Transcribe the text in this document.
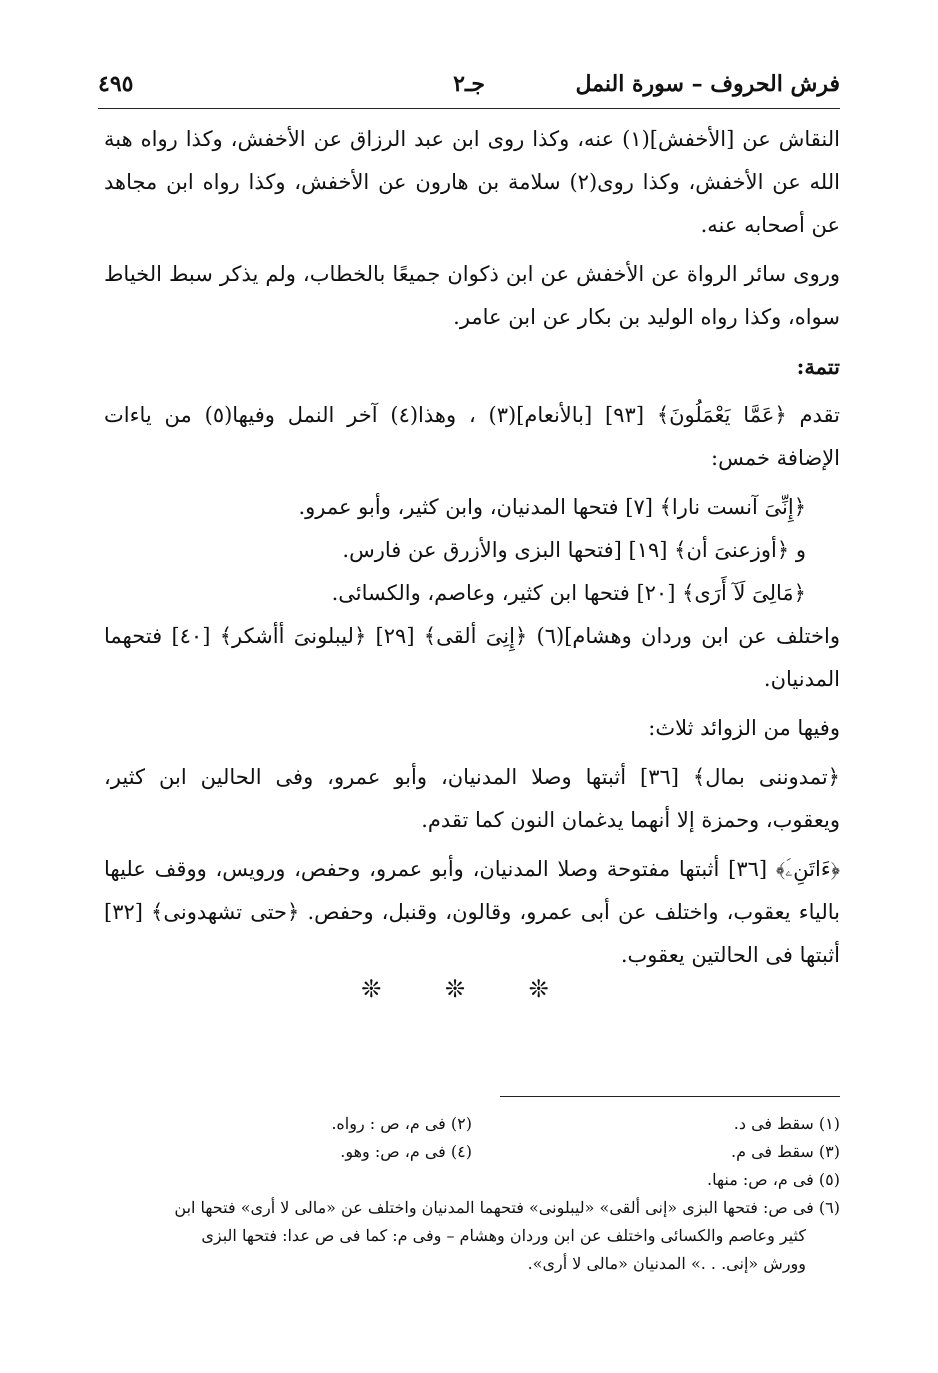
فرش الحروف – سورة النمل
جـ٢
٤٩٥

النقاش عن [الأخفش](١) عنه، وكذا روى ابن عبد الرزاق عن الأخفش، وكذا رواه هبة الله عن الأخفش، وكذا روى(٢) سلامة بن هارون عن الأخفش، وكذا رواه ابن مجاهد عن أصحابه عنه.

وروى سائر الرواة عن الأخفش عن ابن ذكوان جميعًا بالخطاب، ولم يذكر سبط الخياط سواه، وكذا رواه الوليد بن بكار عن ابن عامر.

تتمة:

تقدم ﴿عَمَّا يَعْمَلُونَ﴾ [٩٣] [بالأنعام](٣) ، وهذا(٤) آخر النمل وفيها(٥) من ياءات الإضافة خمس:

﴿إِنِّىَ آنست نارا﴾ [٧] فتحها المدنيان، وابن كثير، وأبو عمرو.

و ﴿أوزعنىَ أن﴾ [١٩] [فتحها البزى والأزرق عن فارس.

﴿مَالِىَ لَآ أَرَى﴾ [٢٠] فتحها ابن كثير، وعاصم، والكسائى.

واختلف عن ابن وردان وهشام](٦) ﴿إِنِىَ ألقى﴾ [٢٩] ﴿ليبلونىَ أأشكر﴾ [٤٠] فتحهما المدنيان.

وفيها من الزوائد ثلاث:

﴿تمدوننى بمال﴾ [٣٦] أثبتها وصلا المدنيان، وأبو عمرو، وفى الحالين ابن كثير، ويعقوب، وحمزة إلا أنهما يدغمان النون كما تقدم.

﴿ءَاتَنِۦَ﴾ [٣٦] أثبتها مفتوحة وصلا المدنيان، وأبو عمرو، وحفص، ورويس، ووقف عليها بالياء يعقوب، واختلف عن أبى عمرو، وقالون، وقنبل، وحفص. ﴿حتى تشهدونى﴾ [٣٢] أثبتها فى الحالتين يعقوب.

❊ ❊ ❊
(١) سقط فى د.
(٢) فى م، ص : رواه.
(٣) سقط فى م.
(٤) فى م، ص: وهو.

(٥) فى م، ص: منها.

(٦) فى ص: فتحها البزى «إنى ألقى» «ليبلونى» فتحهما المدنيان واختلف عن «مالى لا أرى» فتحها ابن

كثير وعاصم والكسائى واختلف عن ابن وردان وهشام – وفى م: كما فى ص عدا: فتحها البزى

وورش «إنى. . .» المدنيان «مالى لا أرى».
